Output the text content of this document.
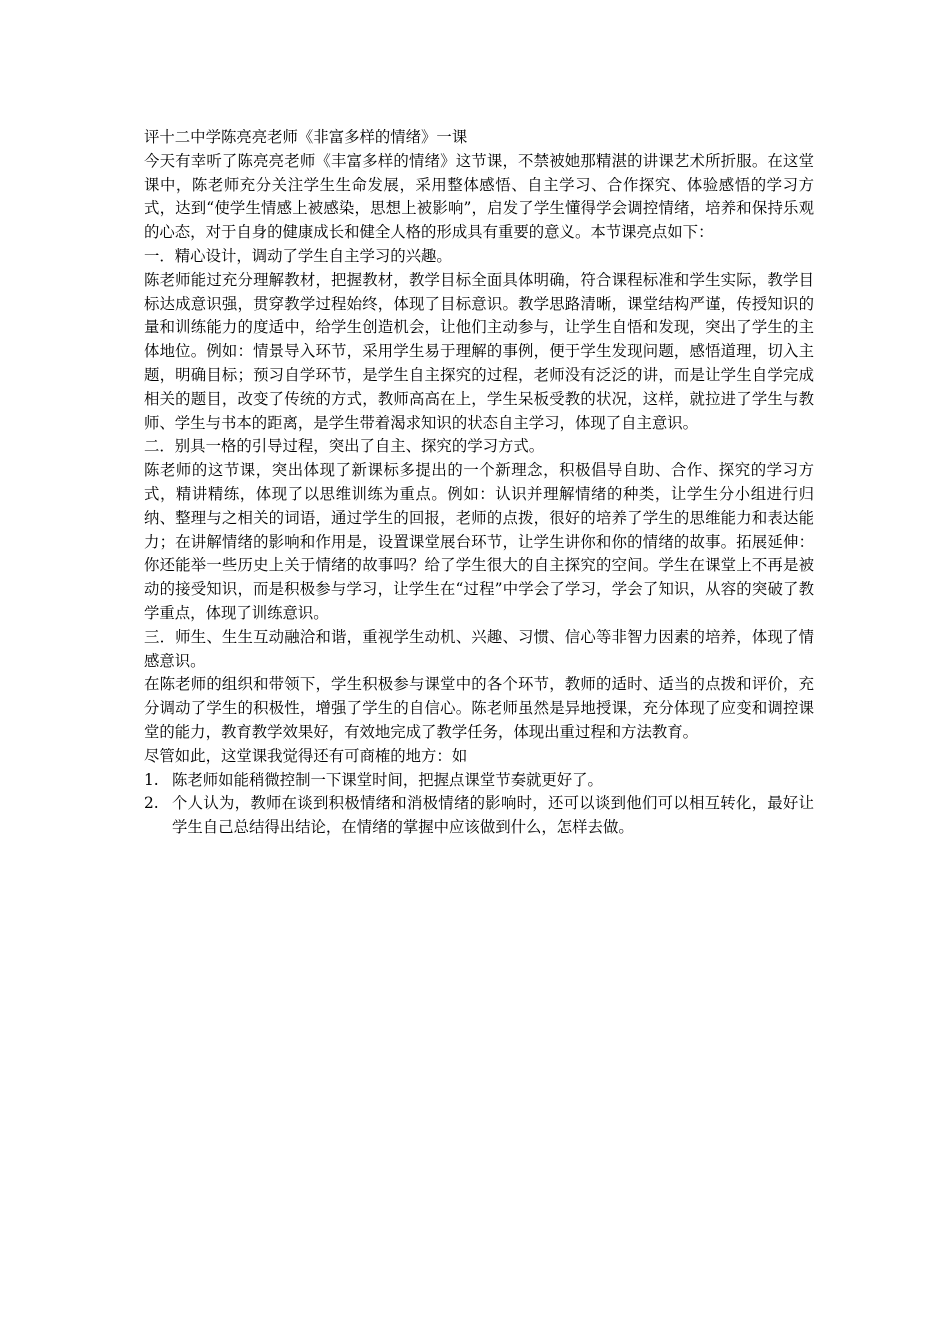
评十二中学陈亮亮老师《非富多样的情绪》一课

今天有幸听了陈亮亮老师《丰富多样的情绪》这节课，不禁被她那精湛的讲课艺术所折服。在这堂课中，陈老师充分关注学生生命发展，采用整体感悟、自主学习、合作探究、体验感悟的学习方式，达到“使学生情感上被感染，思想上被影响”，启发了学生懂得学会调控情绪，培养和保持乐观的心态，对于自身的健康成长和健全人格的形成具有重要的意义。本节课亮点如下：

一．精心设计，调动了学生自主学习的兴趣。

陈老师能过充分理解教材，把握教材，教学目标全面具体明确，符合课程标准和学生实际，教学目标达成意识强，贯穿教学过程始终，体现了目标意识。教学思路清晰，课堂结构严谨，传授知识的量和训练能力的度适中，给学生创造机会，让他们主动参与，让学生自悟和发现，突出了学生的主体地位。例如：情景导入环节，采用学生易于理解的事例，便于学生发现问题，感悟道理，切入主题，明确目标；预习自学环节，是学生自主探究的过程，老师没有泛泛的讲，而是让学生自学完成相关的题目，改变了传统的方式，教师高高在上，学生呆板受教的状况，这样，就拉进了学生与教师、学生与书本的距离，是学生带着渴求知识的状态自主学习，体现了自主意识。

二．别具一格的引导过程，突出了自主、探究的学习方式。

陈老师的这节课，突出体现了新课标多提出的一个新理念，积极倡导自助、合作、探究的学习方式，精讲精练，体现了以思维训练为重点。例如：认识并理解情绪的种类，让学生分小组进行归纳、整理与之相关的词语，通过学生的回报，老师的点拨，很好的培养了学生的思维能力和表达能力；在讲解情绪的影响和作用是，设置课堂展台环节，让学生讲你和你的情绪的故事。拓展延伸：你还能举一些历史上关于情绪的故事吗？给了学生很大的自主探究的空间。学生在课堂上不再是被动的接受知识，而是积极参与学习，让学生在“过程”中学会了学习，学会了知识，从容的突破了教学重点，体现了训练意识。

三．师生、生生互动融洽和谐，重视学生动机、兴趣、习惯、信心等非智力因素的培养，体现了情感意识。

在陈老师的组织和带领下，学生积极参与课堂中的各个环节，教师的适时、适当的点拨和评价，充分调动了学生的积极性，增强了学生的自信心。陈老师虽然是异地授课，充分体现了应变和调控课堂的能力，教育教学效果好，有效地完成了教学任务，体现出重过程和方法教育。

尽管如此，这堂课我觉得还有可商榷的地方：如

1. 陈老师如能稍微控制一下课堂时间，把握点课堂节奏就更好了。
2. 个人认为，教师在谈到积极情绪和消极情绪的影响时，还可以谈到他们可以相互转化，最好让学生自己总结得出结论，在情绪的掌握中应该做到什么，怎样去做。
